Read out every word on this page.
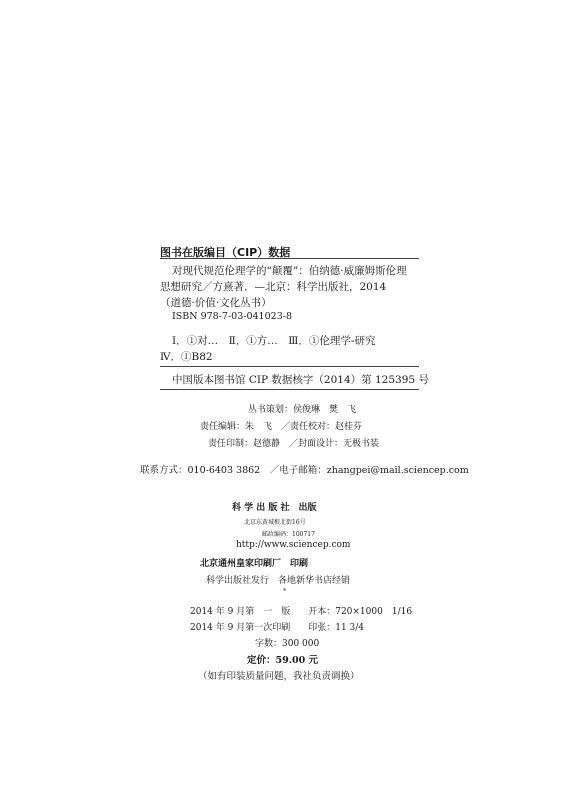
图书在版编目（CIP）数据
对现代规范伦理学的“颠覆”：伯纳德·威廉姆斯伦理
思想研究／方熹著．—北京：科学出版社，2014
（道德·价值·文化丛书）
ISBN 978-7-03-041023-8
Ⅰ．①对…　Ⅱ．①方…　Ⅲ．①伦理学-研究
Ⅳ．①B82
中国版本图书馆 CIP 数据核字（2014）第 125395 号
丛书策划：侯俊琳　樊　飞
责任编辑：朱　飞　／责任校对：赵桂芬
责任印制：赵德静　／封面设计：无极书装
联系方式：010-6403 3862　／电子邮箱：zhangpei@mail.sciencep.com
科 学 出 版 社　出版
北京东黄城根北街16号
邮政编码：100717
http://www.sciencep.com
北京通州皇家印刷厂　印刷
科学出版社发行　各地新华书店经销
*
2014 年 9 月第　一　版　　开本：720×1000　1/16
2014 年 9 月第一次印刷　　印张：11 3/4
字数：300 000
定价：59.00 元
（如有印装质量问题，我社负责调换）
